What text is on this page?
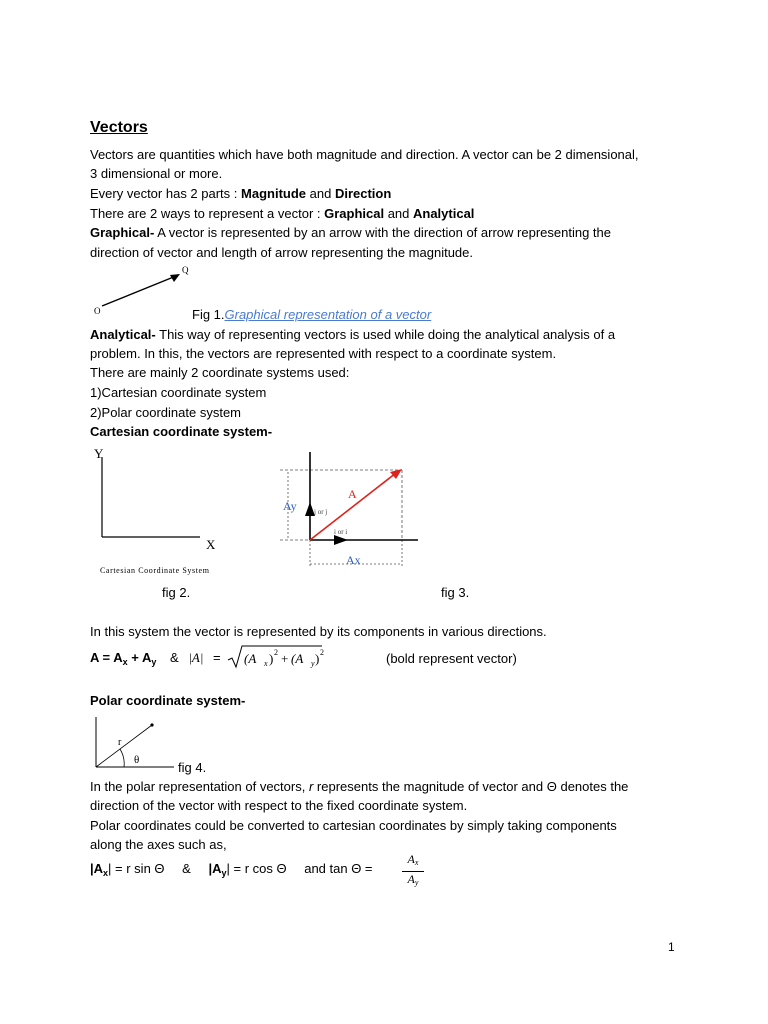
Vectors
Vectors are quantities which have both magnitude and direction. A vector can be 2 dimensional,
3 dimensional or more.
Every vector has 2 parts : Magnitude and Direction
There are 2 ways to represent a vector : Graphical and Analytical
Graphical- A vector is represented by an arrow with the direction of arrow representing the
direction of vector and length of arrow representing the magnitude.
O
Q
Fig 1.Graphical representation of a vector
Analytical- This way of representing vectors is used while doing the analytical analysis of a
problem. In this, the vectors are represented with respect to a coordinate system.
There are mainly 2 coordinate systems used:
1)Cartesian coordinate system
2)Polar coordinate system
Cartesian coordinate system-
Y
X
Cartesian Coordinate System
A
Ay
Ax
j or j
i or i
fig 2.	fig 3.
In this system the vector is represented by its components in various directions.
$A = A_x + A_y$ & |A| = (A x ) 2 + (A y ) 2	(bold represent vector)
Polar coordinate system-
r
θ	fig 4.
In the polar representation of vectors, r represents the magnitude of vector and Θ denotes the
direction of the vector with respect to the fixed coordinate system.
Polar coordinates could be converted to cartesian coordinates by simply taking components
along the axes such as,
$|A_x| = r$ sin Θ & $|A_y| = r$ cos Θ and $\tan \Theta = \frac{Ax}{Ay}$
1
